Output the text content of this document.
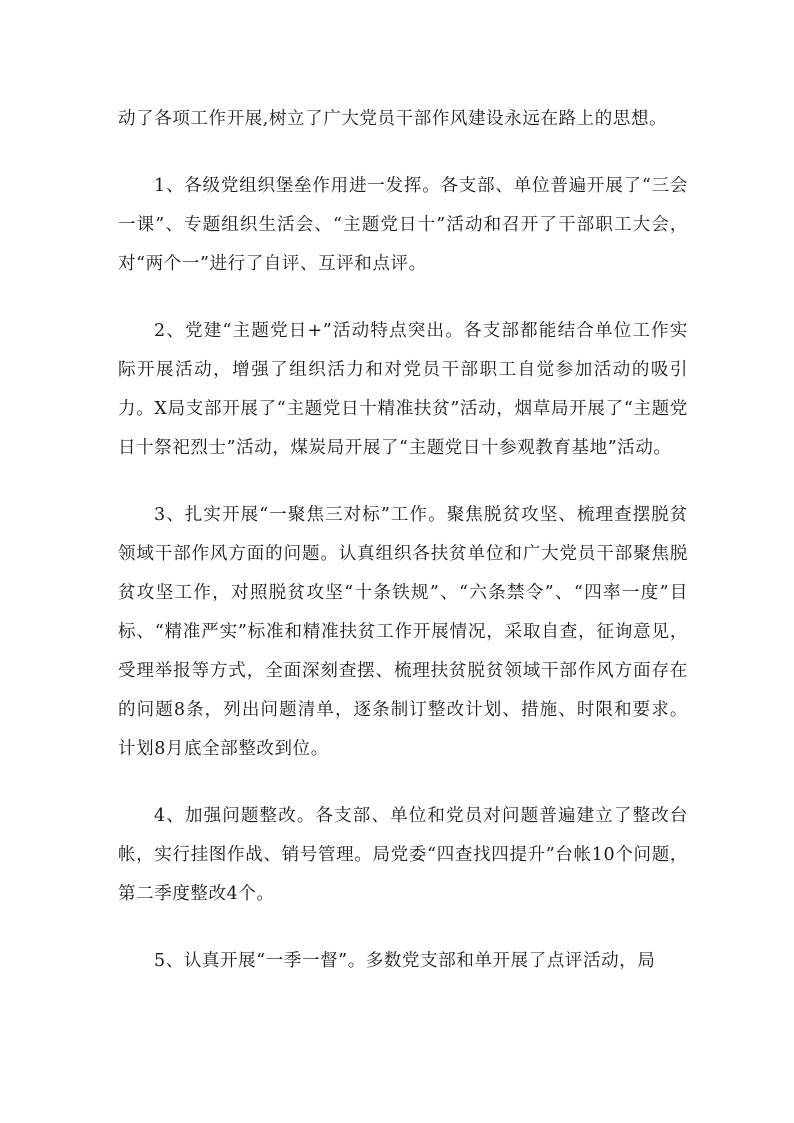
动了各项工作开展,树立了广大党员干部作风建设永远在路上的思想。

1、各级党组织堡垒作用进一发挥。各支部、单位普遍开展了“三会一课”、专题组织生活会、“主题党日十”活动和召开了干部职工大会，对“两个一”进行了自评、互评和点评。

2、党建“主题党日+”活动特点突出。各支部都能结合单位工作实际开展活动，增强了组织活力和对党员干部职工自觉参加活动的吸引力。X局支部开展了“主题党日十精准扶贫”活动，烟草局开展了“主题党日十祭祀烈士”活动，煤炭局开展了“主题党日十参观教育基地”活动。

3、扎实开展“一聚焦三对标”工作。聚焦脱贫攻坚、梳理查摆脱贫领域干部作风方面的问题。认真组织各扶贫单位和广大党员干部聚焦脱贫攻坚工作，对照脱贫攻坚“十条铁规”、“六条禁令”、“四率一度”目标、“精准严实”标准和精准扶贫工作开展情况，采取自查，征询意见，受理举报等方式，全面深刻查摆、梳理扶贫脱贫领域干部作风方面存在的问题8条，列出问题清单，逐条制订整改计划、措施、时限和要求。计划8月底全部整改到位。

4、加强问题整改。各支部、单位和党员对问题普遍建立了整改台帐，实行挂图作战、销号管理。局党委“四查找四提升”台帐10个问题，第二季度整改4个。

5、认真开展“一季一督”。多数党支部和单开展了点评活动，局
